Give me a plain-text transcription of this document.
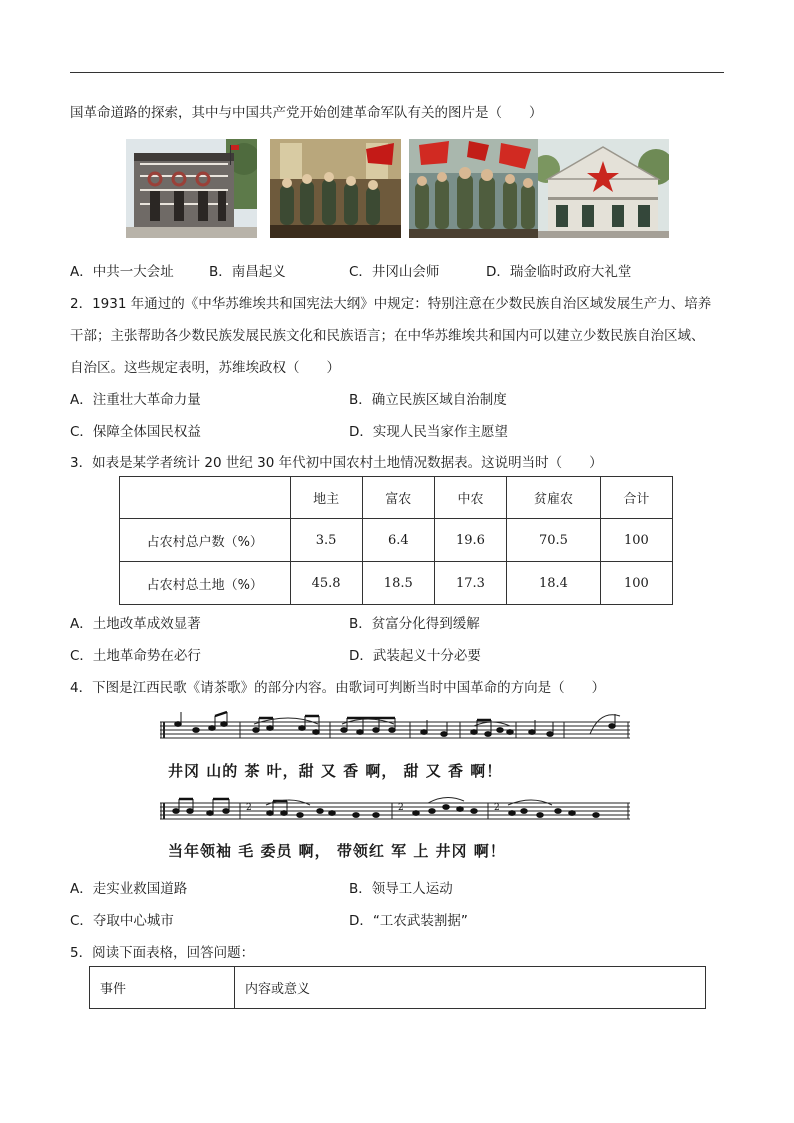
国革命道路的探索，其中与中国共产党开始创建革命军队有关的图片是（　　）
A．中共一大会址	B．南昌起义	C．井冈山会师	D．瑞金临时政府大礼堂
2．1931 年通过的《中华苏维埃共和国宪法大纲》中规定：特别注意在少数民族自治区域发展生产力、培养
干部；主张帮助各少数民族发展民族文化和民族语言；在中华苏维埃共和国内可以建立少数民族自治区域、
自治区。这些规定表明，苏维埃政权（　　）
A．注重壮大革命力量	B．确立民族区域自治制度
C．保障全体国民权益	D．实现人民当家作主愿望
3．如表是某学者统计 20 世纪 30 年代初中国农村土地情况数据表。这说明当时（　　）
	地主	富农	中农	贫雇农	合计
占农村总户数（%）	3.5	6.4	19.6	70.5	100
占农村总土地（%）	45.8	18.5	17.3	18.4	100
A．土地改革成效显著	B．贫富分化得到缓解
C．土地革命势在必行	D．武装起义十分必要
4．下图是江西民歌《请茶歌》的部分内容。由歌词可判断当时中国革命的方向是（　　）
井冈 山的 茶 叶，甜 又 香 啊， 甜 又 香 啊！
2	2	2
当年领袖 毛 委员 啊， 带领红 军 上 井冈 啊！
A．走实业救国道路	B．领导工人运动
C．夺取中心城市	D．“工农武装割据”
5．阅读下面表格，回答问题：
事件	内容或意义
